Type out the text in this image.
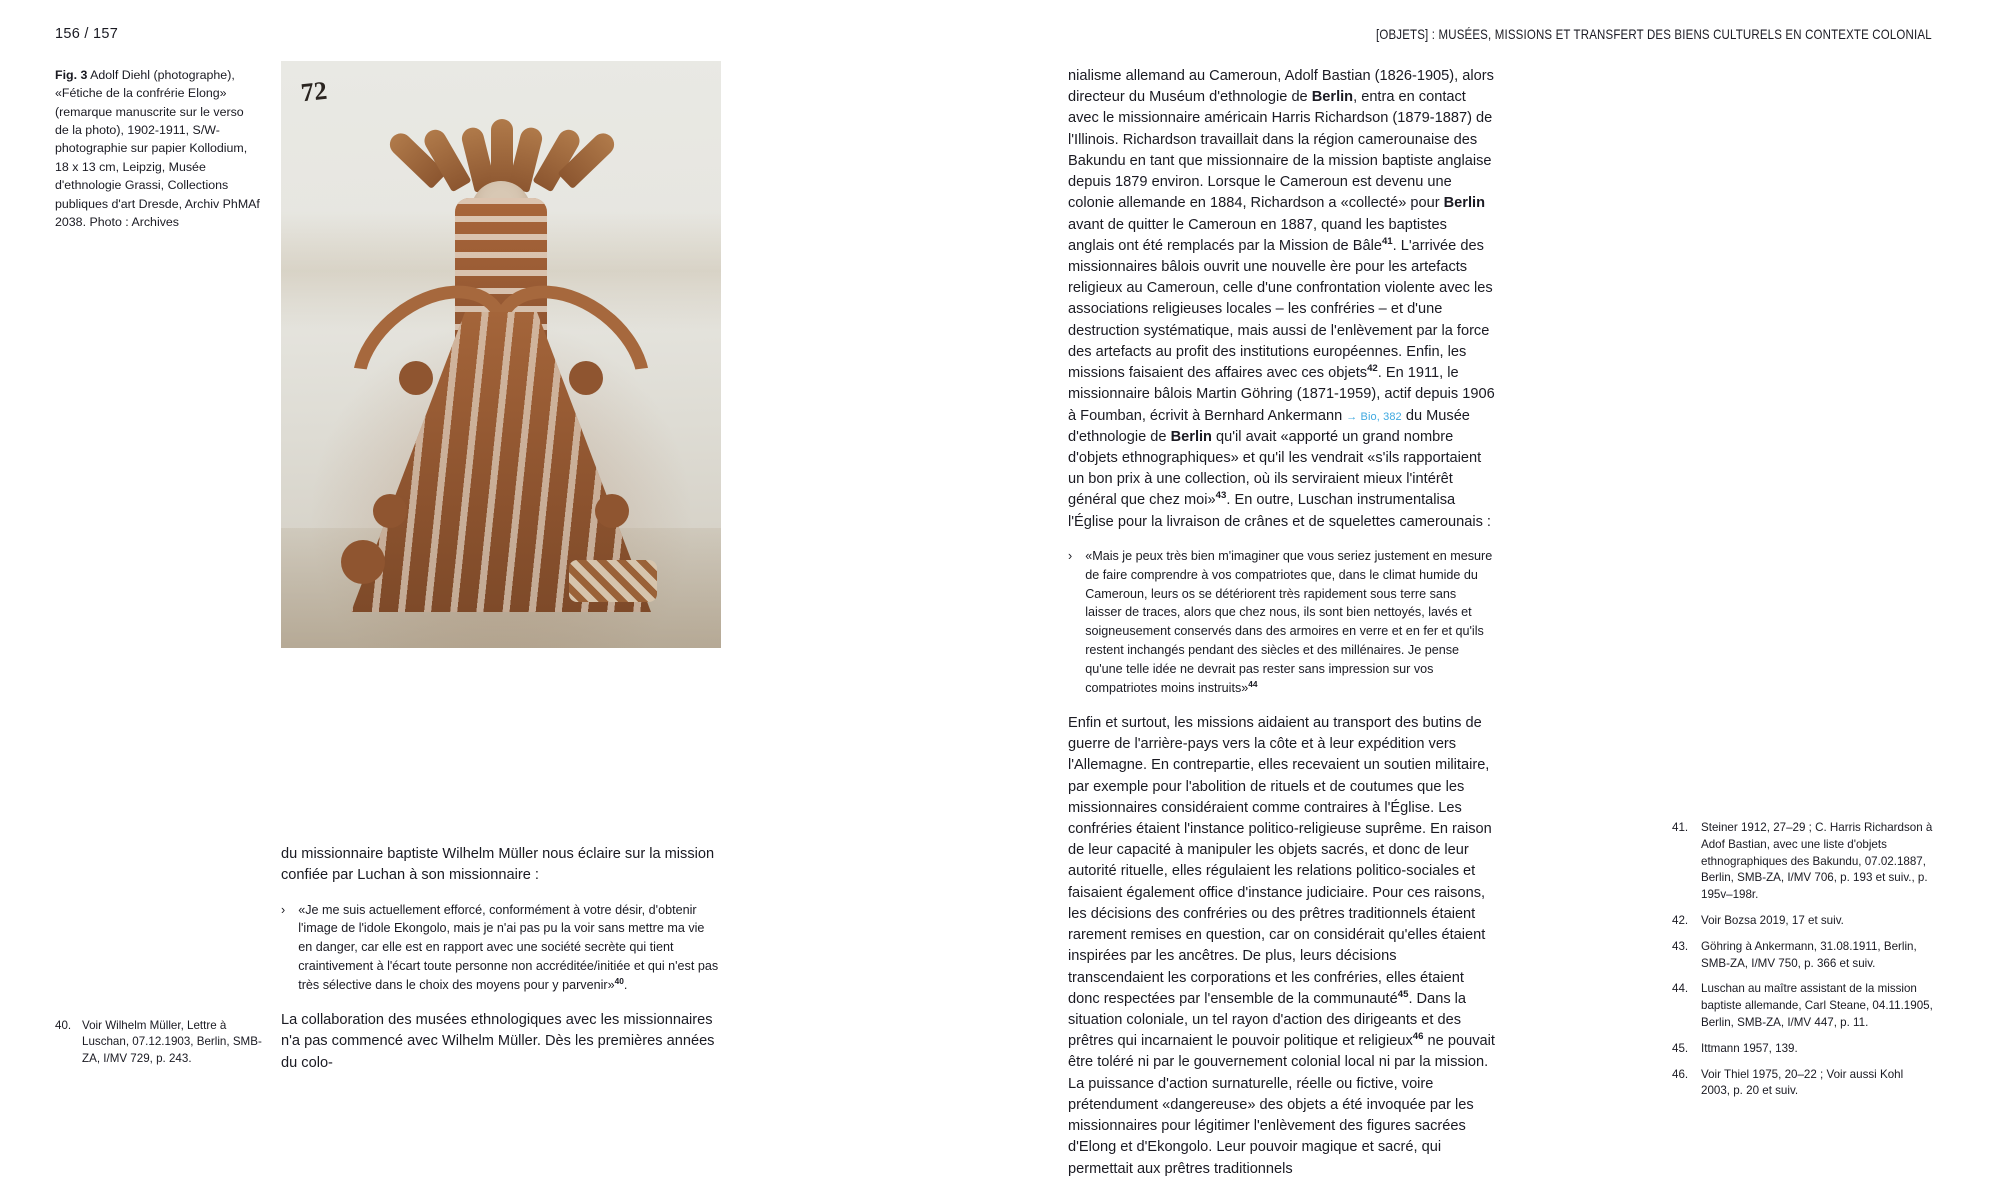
156 / 157	[OBJETS] : MUSÉES, MISSIONS ET TRANSFERT DES BIENS CULTURELS EN CONTEXTE COLONIAL
Fig. 3 Adolf Diehl (photographe), «Fétiche de la confrérie Elong» (remarque manuscrite sur le verso de la photo), 1902-1911, S/W-photographie sur papier Kollodium, 18 x 13 cm, Leipzig, Musée d'ethnologie Grassi, Collections publiques d'art Dresde, Archiv PhMAf 2038. Photo : Archives
40. Voir Wilhelm Müller, Lettre à Luschan, 07.12.1903, Berlin, SMB-ZA, I/MV 729, p. 243.
72

du missionnaire baptiste Wilhelm Müller nous éclaire sur la mission confiée par Luchan à son missionnaire :

› «Je me suis actuellement efforcé, conformément à votre désir, d'obtenir l'image de l'idole Ekongolo, mais je n'ai pas pu la voir sans mettre ma vie en danger, car elle est en rapport avec une société secrète qui tient craintivement à l'écart toute personne non accréditée/initiée et qui n'est pas très sélective dans le choix des moyens pour y parvenir»$^{40}$.

La collaboration des musées ethnologiques avec les missionnaires n'a pas commencé avec Wilhelm Müller. Dès les premières années du colo-

nialisme allemand au Cameroun, Adolf Bastian (1826-1905), alors directeur du Muséum d'ethnologie de Berlin, entra en contact avec le missionnaire américain Harris Richardson (1879-1887) de l'Illinois. Richardson travaillait dans la région camerounaise des Bakundu en tant que missionnaire de la mission baptiste anglaise depuis 1879 environ. Lorsque le Cameroun est devenu une colonie allemande en 1884, Richardson a «collecté» pour Berlin avant de quitter le Cameroun en 1887, quand les baptistes anglais ont été remplacés par la Mission de Bâle$^{41}$. L'arrivée des missionnaires bâlois ouvrit une nouvelle ère pour les artefacts religieux au Cameroun, celle d'une confrontation violente avec les associations religieuses locales – les confréries – et d'une destruction systématique, mais aussi de l'enlèvement par la force des artefacts au profit des institutions européennes. Enfin, les missions faisaient des affaires avec ces objets$^{42}$. En 1911, le missionnaire bâlois Martin Göhring (1871-1959), actif depuis 1906 à Foumban, écrivit à Bernhard Ankermann → Bio, 382 du Musée d'ethnologie de Berlin qu'il avait «apporté un grand nombre d'objets ethnographiques» et qu'il les vendrait «s'ils rapportaient un bon prix à une collection, où ils serviraient mieux l'intérêt général que chez moi»$^{43}$. En outre, Luschan instrumentalisa l'Église pour la livraison de crânes et de squelettes camerounais :

› «Mais je peux très bien m'imaginer que vous seriez justement en mesure de faire comprendre à vos compatriotes que, dans le climat humide du Cameroun, leurs os se détériorent très rapidement sous terre sans laisser de traces, alors que chez nous, ils sont bien nettoyés, lavés et soigneusement conservés dans des armoires en verre et en fer et qu'ils restent inchangés pendant des siècles et des millénaires. Je pense qu'une telle idée ne devrait pas rester sans impression sur vos compatriotes moins instruits»$^{44}$

Enfin et surtout, les missions aidaient au transport des butins de guerre de l'arrière-pays vers la côte et à leur expédition vers l'Allemagne. En contrepartie, elles recevaient un soutien militaire, par exemple pour l'abolition de rituels et de coutumes que les missionnaires considéraient comme contraires à l'Église. Les confréries étaient l'instance politico-religieuse suprême. En raison de leur capacité à manipuler les objets sacrés, et donc de leur autorité rituelle, elles régulaient les relations politico-sociales et faisaient également office d'instance judiciaire. Pour ces raisons, les décisions des confréries ou des prêtres traditionnels étaient rarement remises en question, car on considérait qu'elles étaient inspirées par les ancêtres. De plus, leurs décisions transcendaient les corporations et les confréries, elles étaient donc respectées par l'ensemble de la communauté$^{45}$. Dans la situation coloniale, un tel rayon d'action des dirigeants et des prêtres qui incarnaient le pouvoir politique et religieux$^{46}$ ne pouvait être toléré ni par le gouvernement colonial local ni par la mission. La puissance d'action surnaturelle, réelle ou fictive, voire prétendument «dangereuse» des objets a été invoquée par les missionnaires pour légitimer l'enlèvement des figures sacrées d'Elong et d'Ekongolo. Leur pouvoir magique et sacré, qui permettait aux prêtres traditionnels

41.	Steiner 1912, 27–29 ; C. Harris Richardson à Adof Bastian, avec une liste d'objets ethnographiques des Bakundu, 07.02.1887, Berlin, SMB-ZA, I/MV 706, p. 193 et suiv., p. 195v–198r.
42.	Voir Bozsa 2019, 17 et suiv.
43.	Göhring à Ankermann, 31.08.1911, Berlin, SMB-ZA, I/MV 750, p. 366 et suiv.
44.	Luschan au maître assistant de la mission baptiste allemande, Carl Steane, 04.11.1905, Berlin, SMB-ZA, I/MV 447, p. 11.
45.	Ittmann 1957, 139.
46.	Voir Thiel 1975, 20–22 ; Voir aussi Kohl 2003, p. 20 et suiv.
